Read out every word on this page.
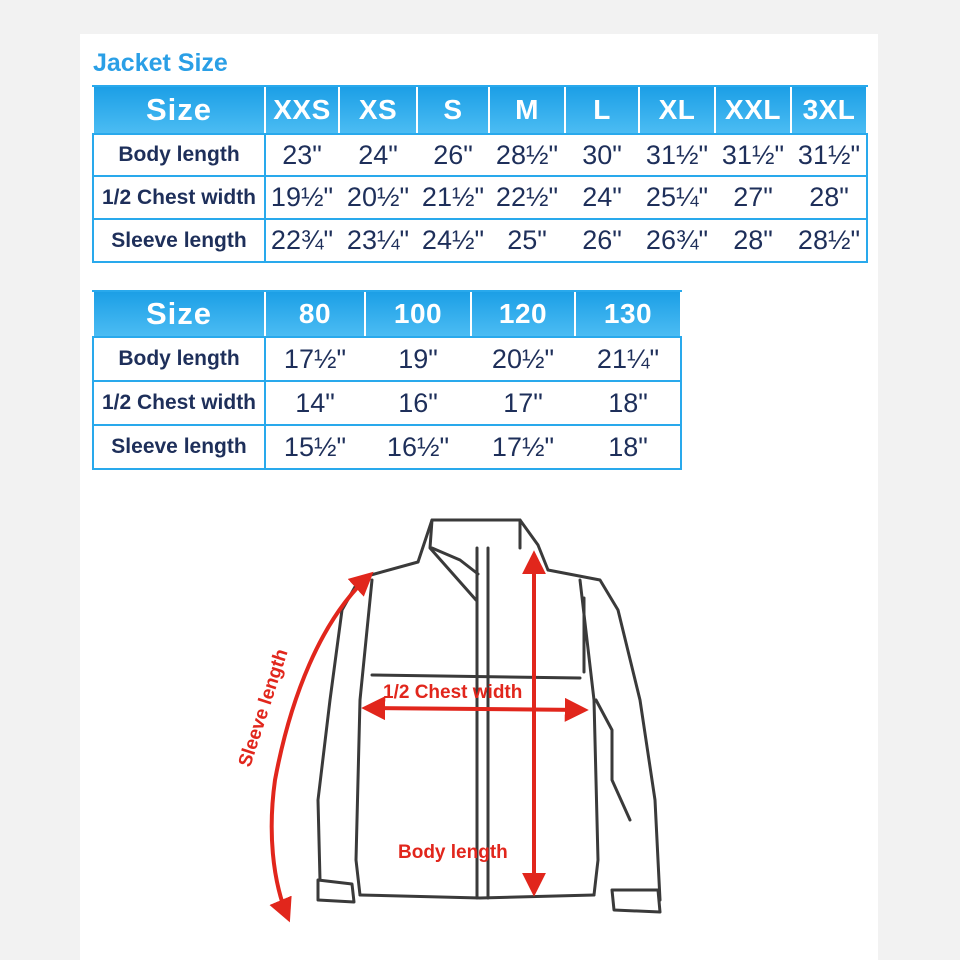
Jacket Size
Size	XXS	XS	S	M	L	XL	XXL	3XL
Body length	23"	24"	26"	28½"	30"	31½"	31½"	31½"
1/2 Chest width	19½"	20½"	21½"	22½"	24"	25¼"	27"	28"
Sleeve length	22¾"	23¼"	24½"	25"	26"	26¾"	28"	28½"
Size	80	100	120	130
Body length	17½"	19"	20½"	21¼"
1/2 Chest width	14"	16"	17"	18"
Sleeve length	15½"	16½"	17½"	18"
Sleeve length	1/2 Chest width
Body length
